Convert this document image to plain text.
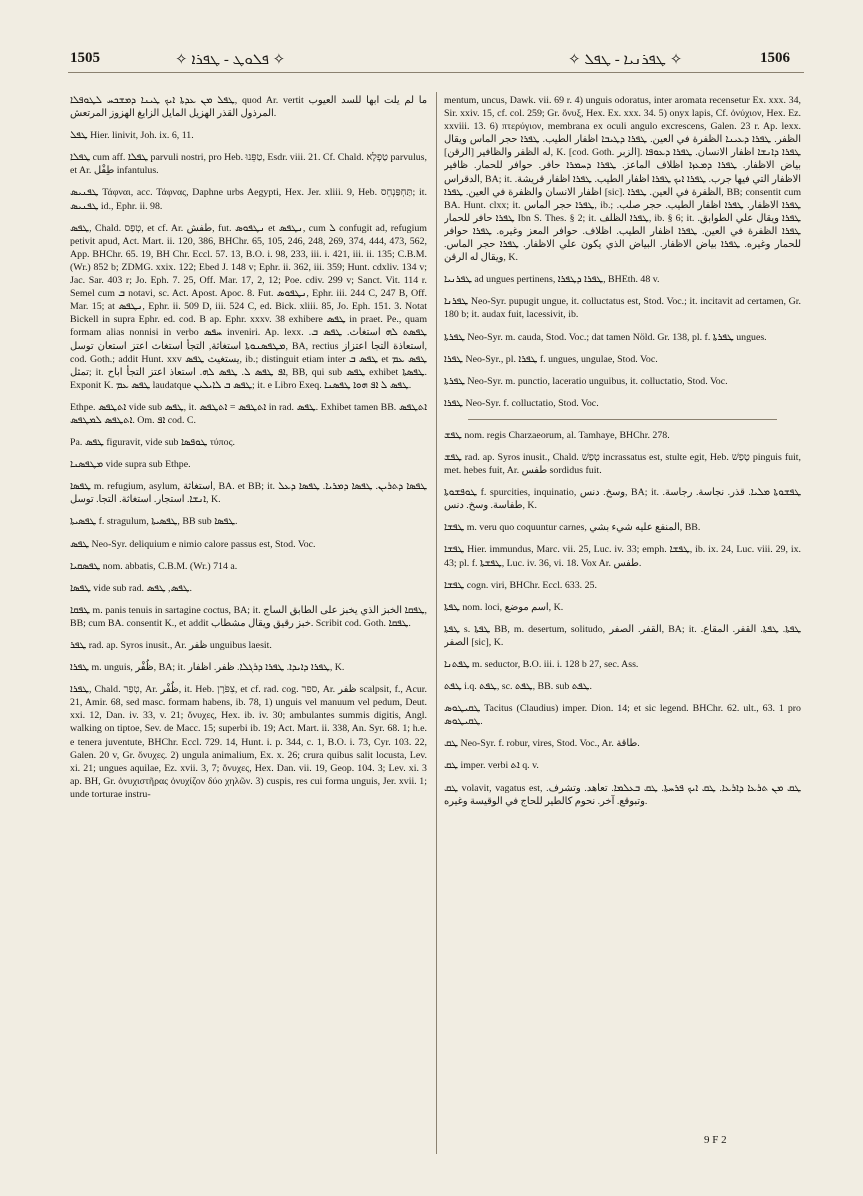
1505	✧ ܦܠܘܛ - ܛܦܪܐ ✧	✧ ܛܦܪܢܝܐ - ܛܦܠ ✧	1506

ܛܦܠ ܡܢ ܥܕܬܐ ܐܝܟ ܛܝܢܐ ܕܡܫܟܚ ܠܛܘܦܠܐ, quod Ar. vertit ما لم يلت ابها للسد العيوب المرذول القذر الهزيل المايل الزايغ الهزوز المرتعش.

ܛܦܠ Hier. linivit, Joh. ix. 6, 11.

ܛܦܠܐ cum aff. ܛܦܠܐ parvuli nostri, pro Heb. טַפֵּנוּ, Esdr. viii. 21. Cf. Chald. טַפְלָא parvulus, et Ar. طِفْل infantulus.

ܛܦܢܝܣ Τάφναι, acc. Τάφνας, Daphne urbs Aegypti, Hex. Jer. xliii. 9, Heb. תַּחְפַּנְחֵס; it. ܛܦܢܝܣ id., Ephr. ii. 98.

ܛܦܣ, Chald. טְפַס, et cf. Ar. طفش, fut. ܢܛܦܘܣ et ܢܛܦܣ, cum ܠ confugit ad, refugium petivit apud, Act. Mart. ii. 120, 386, BHChr. 65, 105, 246, 248, 269, 374, 444, 473, 562, App. BHChr. 65. 19, BH Chr. Eccl. 57. 13, B.O. i. 98, 233, iii. i. 421, iii. ii. 135; C.B.M. (Wr.) 852 b; ZDMG. xxix. 122; Ebed J. 148 v; Ephr. ii. 362, iii. 359; Hunt. cdxliv. 134 v; Jac. Sar. 403 r; Jo. Eph. 7. 25, Off. Mar. 17, 2, 12; Poe. cdiv. 299 v; Sanct. Vit. 114 r. Semel cum ܒ notavi, sc. Act. Apost. Apoc. 8. Fut. ܢܛܦܘܣ, Ephr. iii. 244 C, 247 B, Off. Mar. 15; at ܢܛܦܣ, Ephr. ii. 509 D, iii. 524 C, ed. Bick. xliii. 85, Jo. Eph. 151. 3. Notat Bickell in supra Ephr. ed. cod. B ap. Ephr. xxxv. 38 exhibere ܛܦܣ in praet. Pe., quam formam alias nonnisi in verbo ܚܦܣ inveniri. Ap. lexx. ܛܦܣܬ ܠܗ استغاث. ܛܦܣ ܒ. ܡܛܦܣܢܘܬܐ استغاثة, التجأ استغاث اعتز استعان توسل, BA, rectius استعاذة التجا اعتزاز, cod. Goth.; addit Hunt. xxv يستغيث ܛܦܣ, ib.; distinguit etiam inter ܛܦܣ ܒ et ܛܦܣ ܥܡ تمثل; it. ܐܦ ܛܦܣ ܠ. ܛܦܣ ܠܗ. استعاذ اعتز التجأ اباح, BB, qui sub ܛܦܣ exhibet ܛܦܣܬܐ. Exponit K. ܛܦܣ ܥܡ laudatque ܛܦܣ ܒ ܠܐܝܠܝܢ; it. e Libro Exeq. ܛܦܣ ܠ ܐܦ ܗܘܐ ܛܦܣܢܐ.

Ethpe. ܐܬܛܦܣ vide sub ܛܦܣ, it. ܐܬܛܦܣ = ܐܬܛܦܣ in rad. ܛܦܣ. Exhibet tamen BB. ܐܬܛܦܣ ܐܬܛܦܣ ܠܡܛܦܣ. Om. ܐܦ cod. C.

Pa. ܛܦܣ figuravit, vide sub ܛܘܦܣܐ τύπος.

ܡܛܦܣܢܐ vide supra sub Ethpe.

ܛܦܣܐ m. refugium, asylum, استغاثة, BA. et BB; it. ܛܦܣܐ ܕܬܪܝܢ. ܛܦܣܐ ܕܡܪܝܐ. ܛܦܣܐ ܕܥܠ ܐܢܫܐ. استجار. استغاثة. التجا. توسل, K.

ܛܦܣܝܬܐ f. stragulum, ܛܦܣܝܬܐ, BB sub ܛܦܣܐ.

ܛܦܣ Neo-Syr. deliquium e nimio calore passus est, Stod. Voc.

ܛܦܣܩܝܐ nom. abbatis, C.B.M. (Wr.) 714 a.

ܛܦܣܐ vide sub rad. ܛܦܣ, ܛܦܣ.

ܛܦܩܐ m. panis tenuis in sartagine coctus, BA; it. ܛܦܩܐ الخبز الذي يخبز على الطابق الساج, BB; cum BA. consentit K., et addit خبز رقيق ويقال مشطاب. Scribit cod. Goth. ܛܦܩܐ.

ܛܦܪ rad. ap. Syros inusit., Ar. ظفر unguibus laesit.

ܛܦܪܐ m. unguis, ظُفْر, BA; it. ܛܦܪܐ ܕܐܝܕܐ. ܛܦܪܐ ܕܪܓܠܐ. ظفر. اظفار, K.

ܛܦܪܐ, Chald. טְפַר, Ar. ظُفْر, it. Heb. צִפֹּרֶן, et cf. rad. cog. ספר, Ar. ظفر scalpsit, f., Acur. 21, Amir. 68, sed masc. formam habens, ib. 78, 1) unguis vel manuum vel pedum, Deut. xxi. 12, Dan. iv. 33, v. 21; ὄνυχες, Hex. ib. iv. 30; ambulantes summis digitis, Angl. walking on tiptoe, Sev. de Macc. 15; superbi ib. 19; Act. Mart. ii. 338, An. Syr. 68. 1; h.e. e tenera juventute, BHChr. Eccl. 729. 14, Hunt. i. p. 344, c. 1, B.O. i. 73, Cyr. 103. 22, Galen. 20 v, Gr. ὄνυχες. 2) ungula animalium, Ex. x. 26; crura quibus salit locusta, Lev. xi. 21; ungues aquilae, Ez. xvii. 3, 7; ὄνυχες, Hex. Dan. vii. 19, Geop. 104. 3; Lev. xi. 3 ap. BH, Gr. ὀνυχιστῆρας ὀνυχίζον δύο χηλῶν. 3) cuspis, res cui forma unguis, Jer. xvii. 1; unde torturae instru-

mentum, uncus, Dawk. vii. 69 r. 4) unguis odoratus, inter aromata recensetur Ex. xxx. 34, Sir. xxiv. 15, cf. col. 259; Gr. ὄνυξ, Hex. Ex. xxx. 34. 5) onyx lapis, Cf. ὀνύχιον, Hex. Ez. xxviii. 13. 6) πτερύγιον, membrana ex oculi angulo excrescens, Galen. 23 r. Ap. lexx. الظفر. ܛܦܪܐ ܕܥܝܢܐ الظفرة في العين. ܛܦܪܐ ܕܛܝܒܐ اظفار الطيب. ܛܦܪܐ حجر الماس ويقال له الظفر والظافير [الرقن], K. [cod. Goth. الزبر]. ܛܦܪܐ ܕܐܢܫܐ اظفار الانسان. ܛܦܪܐ ܕܥܘܦܐ بياض الاظفار. ܛܦܪܐ ܕܡܥܙܐ اظلاف الماعز. ܛܦܪܐ ܕܚܡܪܐ حافر. حوافر للحمار. ظافير الدقراس, BA; it. الاظفار التي فيها جرب. ܛܦܪܐ ܐܝܟ ܛܦܪܐ اظفار الطيب. ܛܦܪܐ اظفار قريشة. اظفار الانسان والظفرة في العين. ܛܦܪܐ [sic]. الظفرة في العين. ܛܦܪܐ, BB; consentit cum BA. Hunt. clxx; it. ܛܦܪܐ حجر الماس, ib.; ܛܦܪܐ الاظفار. ܛܦܪܐ اظفار الطيب. حجر صلب. ܛܦܪܐ حافر للحمار Ibn S. Thes. § 2; it. ܛܦܪܐ الظلف, ib. § 6; it. ܛܦܪܐ ويقال علي الطوابق. ܛܦܪܐ الظفرة في العين. ܛܦܪܐ اظفار الطيب. اظلاف. حوافر المعز وغيره. ܛܦܪܐ حوافر للحمار وغيره. ܛܦܪܐ بياض الاظفار. البياض الذي يكون علي الاظفار. ܛܦܪܐ حجر الماس. ويقال له الرقن, K.

ܛܦܪܢܝܐ ad ungues pertinens, ܛܦܪܐ ܕܛܦܪܐ, BHEth. 48 v.

ܛܦܪܢܐ Neo-Syr. pupugit ungue, it. colluctatus est, Stod. Voc.; it. incitavit ad certamen, Gr. 180 b; it. audax fuit, lacessivit, ib.

ܛܦܪܬܐ Neo-Syr. m. cauda, Stod. Voc.; dat tamen Nöld. Gr. 138, pl. f. ܛܦܪܬܐ ungues.

ܛܦܪܐ Neo-Syr., pl. ܛܦܪܐ f. ungues, ungulae, Stod. Voc.

ܛܦܪܬܐ Neo-Syr. m. punctio, laceratio unguibus, it. colluctatio, Stod. Voc.

ܛܦܪܐ Neo-Syr. f. colluctatio, Stod. Voc.

ܛܦܫ nom. regis Charzaeorum, al. Tamhaye, BHChr. 278.

ܛܦܫ rad. ap. Syros inusit., Chald. טְפַשׁ incrassatus est, stulte egit, Heb. טָפַשׁ pinguis fuit, met. hebes fuit, Ar. طفس sordidus fuit.

ܛܘܦܫܘܬܐ f. spurcities, inquinatio, وسخ. دنس, BA; it. ܛܦܫܘܬܐ ܡܠܝܐ. قذر. نجاسة. رجاسة. طفاسة. وسخ. دنس, K.

ܛܦܫܐ m. veru quo coquuntur carnes, المنفع عليه شيء بشي, BB.

ܛܦܫܐ Hier. immundus, Marc. vii. 25, Luc. iv. 33; emph. ܛܦܫܐ, ib. ix. 24, Luc. viii. 29, ix. 43; pl. f. ܛܦܫܬܐ, Luc. iv. 36, vi. 18. Vox Ar. طفس.

ܛܦܫܐ cogn. viri, BHChr. Eccl. 633. 25.

ܛܦܬܐ nom. loci, اسم موضع, K.

ܛܦܬܐ s. ܛܦܬܐ BB, m. desertum, solitudo, القفر. الصفر, BA; it. ܛܦܬܐ. ܛܦܬܐ. القفر. المقاع. الصفر [sic], K.

ܛܦܬܢܐ m. seductor, B.O. iii. i. 128 b 27, sec. Ass.

ܛܦܬ i.q. ܛܦܬ, sc. ܛܦܬ, BB. sub ܛܦܬ.

ܛܩܝܛܘܣ Tacitus (Claudius) imper. Dion. 14; et sic legend. BHChr. 62. ult., 63. 1 pro ܛܩܝܛܘܣ.

ܛܩ Neo-Syr. f. robur, vires, Stod. Voc., Ar. طاقة.

ܛܩ imper. verbi ܐܬ q. v.

ܛܩ volavit, vagatus est, ܛܩ ܡܢ ܬܪܥܐ ܕܐܪܥܐ. ܛܩ ܐܝܟ ܦܪܚܬܐ. ܛܩ ܒܥܠܡܐ. تعاهد. وتشرف. وتبوقع. آخر. نحوم كالطير للحاج في الوقيسة وغيره.

9 F 2
